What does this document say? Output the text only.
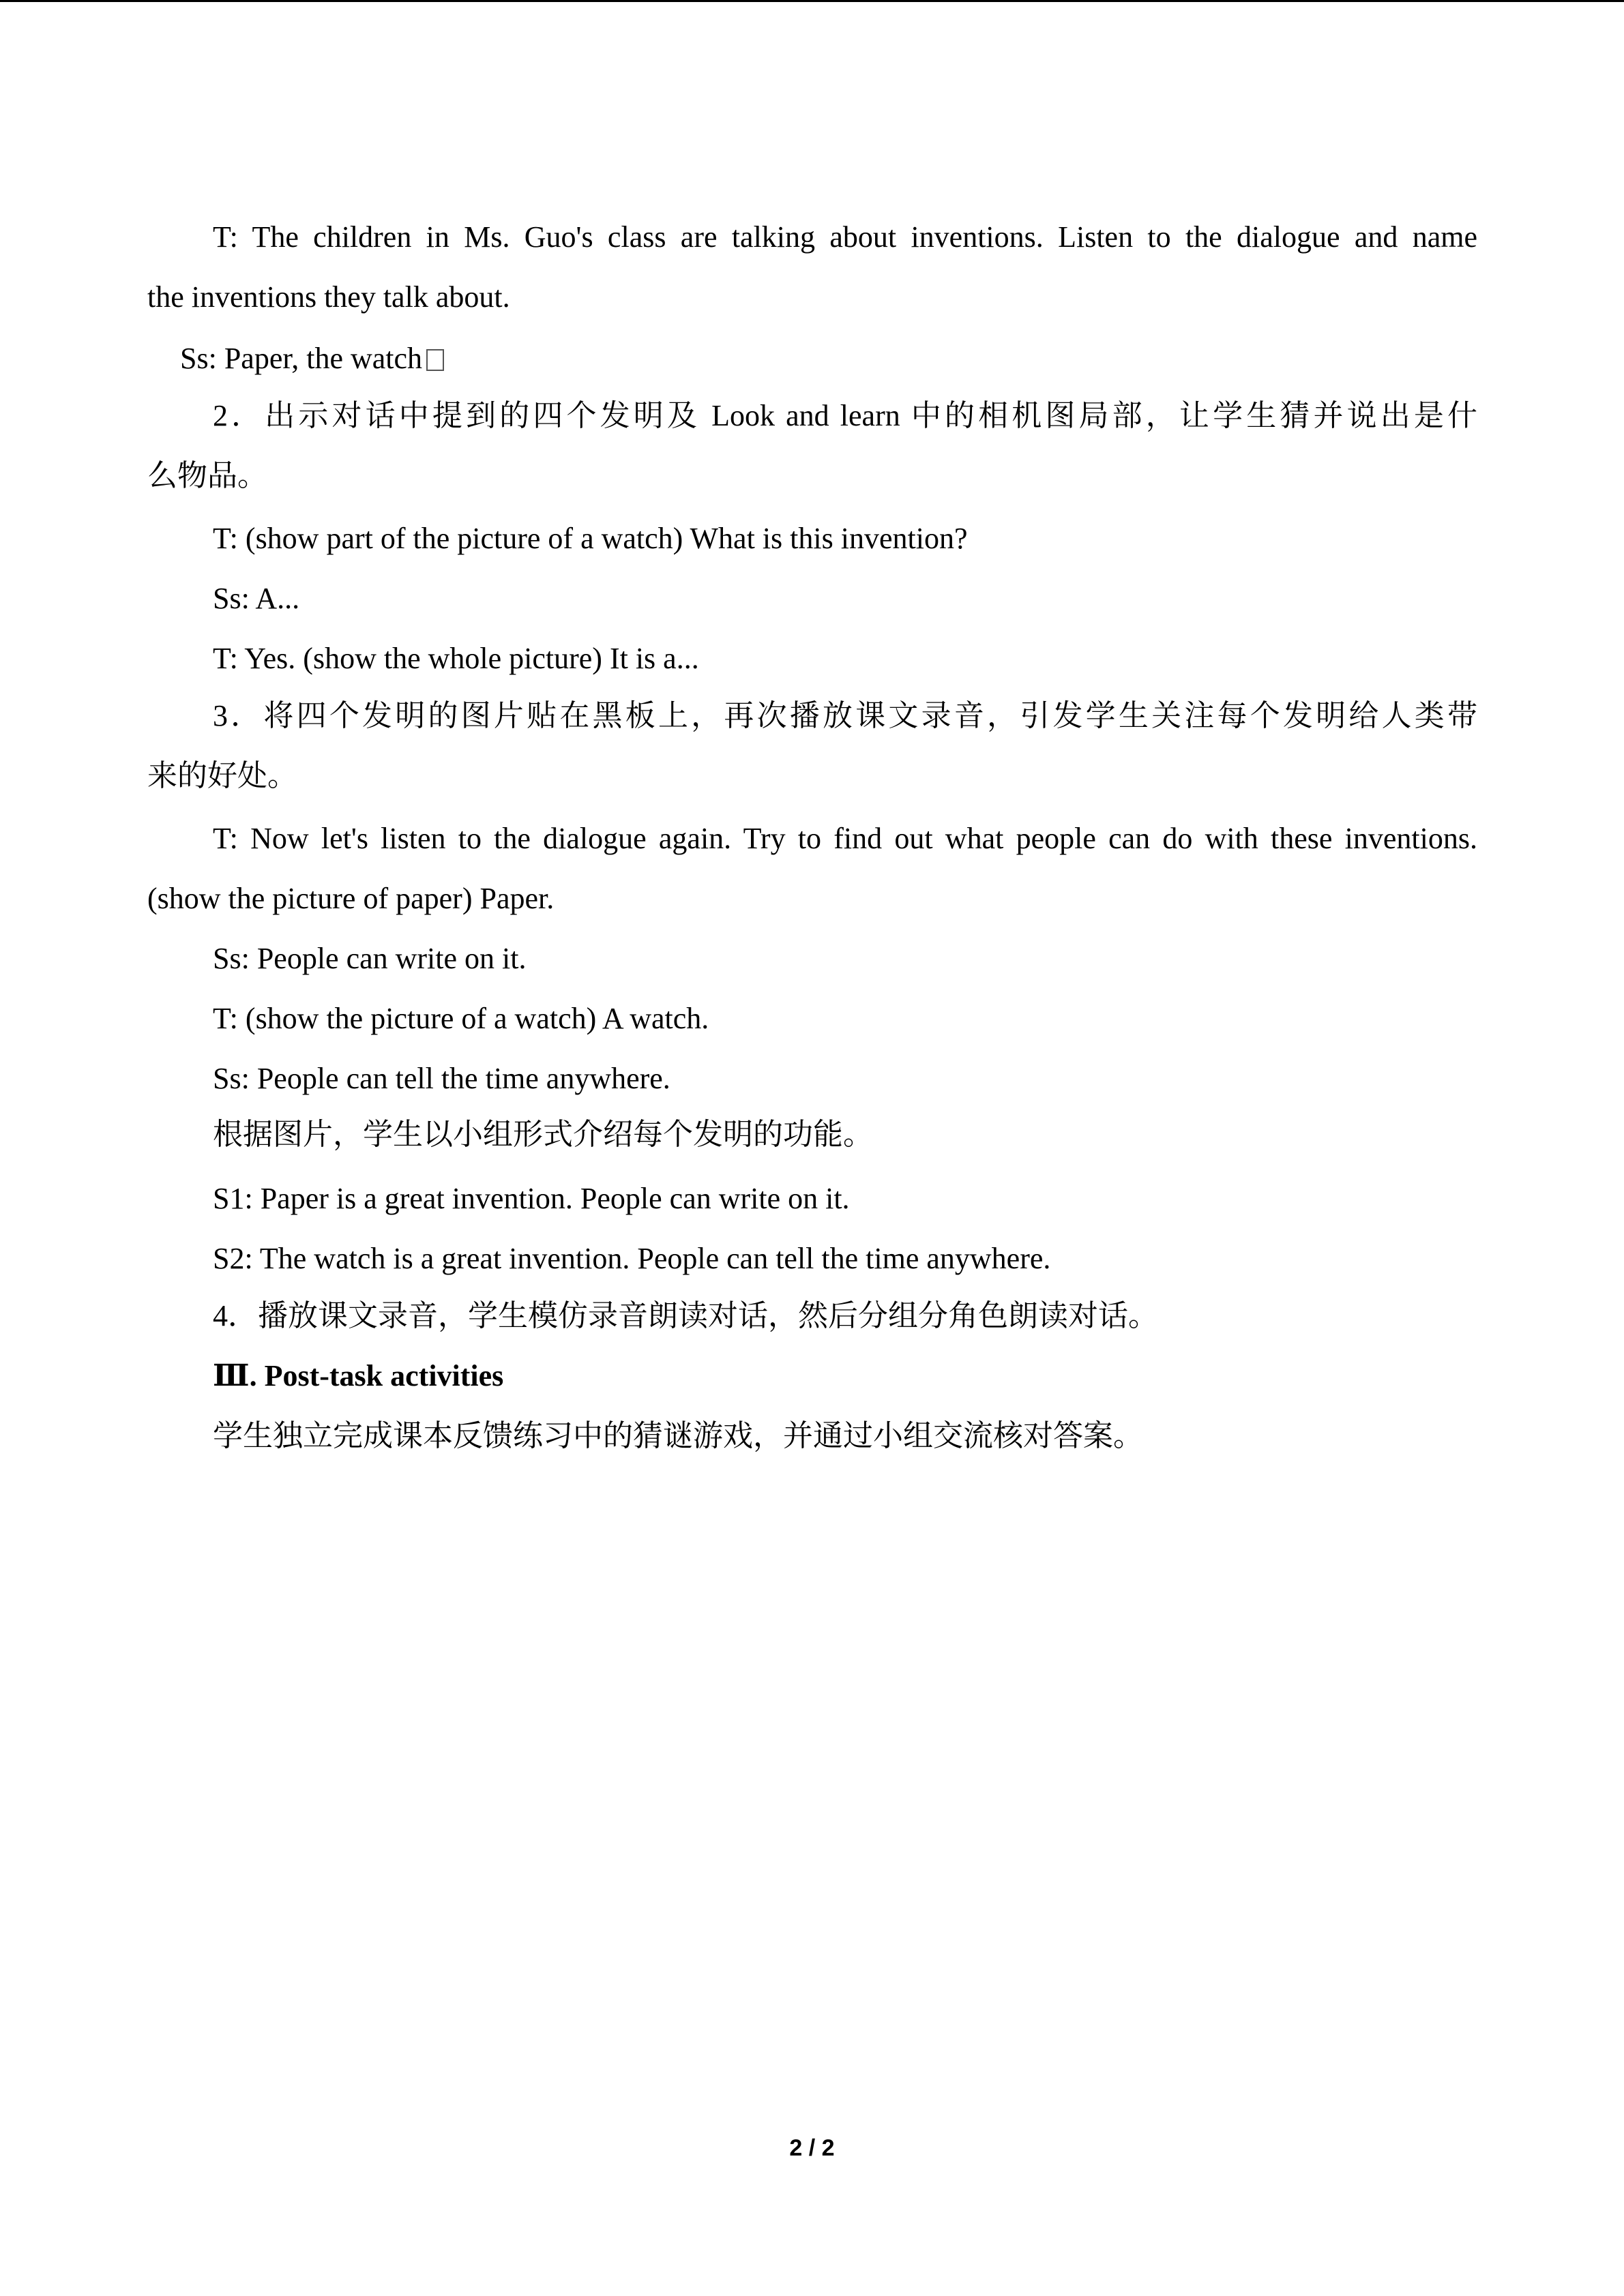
T: The children in Ms. Guo's class are talking about inventions. Listen to the dialogue and name
the inventions they talk about.
Ss: Paper, the watch
2．出示对话中提到的四个发明及 Look and learn 中的相机图局部，让学生猜并说出是什
么物品。
T: (show part of the picture of a watch) What is this invention?
Ss: A...
T: Yes. (show the whole picture) It is a...
3．将四个发明的图片贴在黑板上，再次播放课文录音，引发学生关注每个发明给人类带
来的好处。
T: Now let's listen to the dialogue again. Try to find out what people can do with these inventions.
(show the picture of paper) Paper.
Ss: People can write on it.
T: (show the picture of a watch) A watch.
Ss: People can tell the time anywhere.
根据图片，学生以小组形式介绍每个发明的功能。
S1: Paper is a great invention. People can write on it.
S2: The watch is a great invention. People can tell the time anywhere.
4．播放课文录音，学生模仿录音朗读对话，然后分组分角色朗读对话。
Ⅲ. Post-task activities
学生独立完成课本反馈练习中的猜谜游戏，并通过小组交流核对答案。
2 / 2
